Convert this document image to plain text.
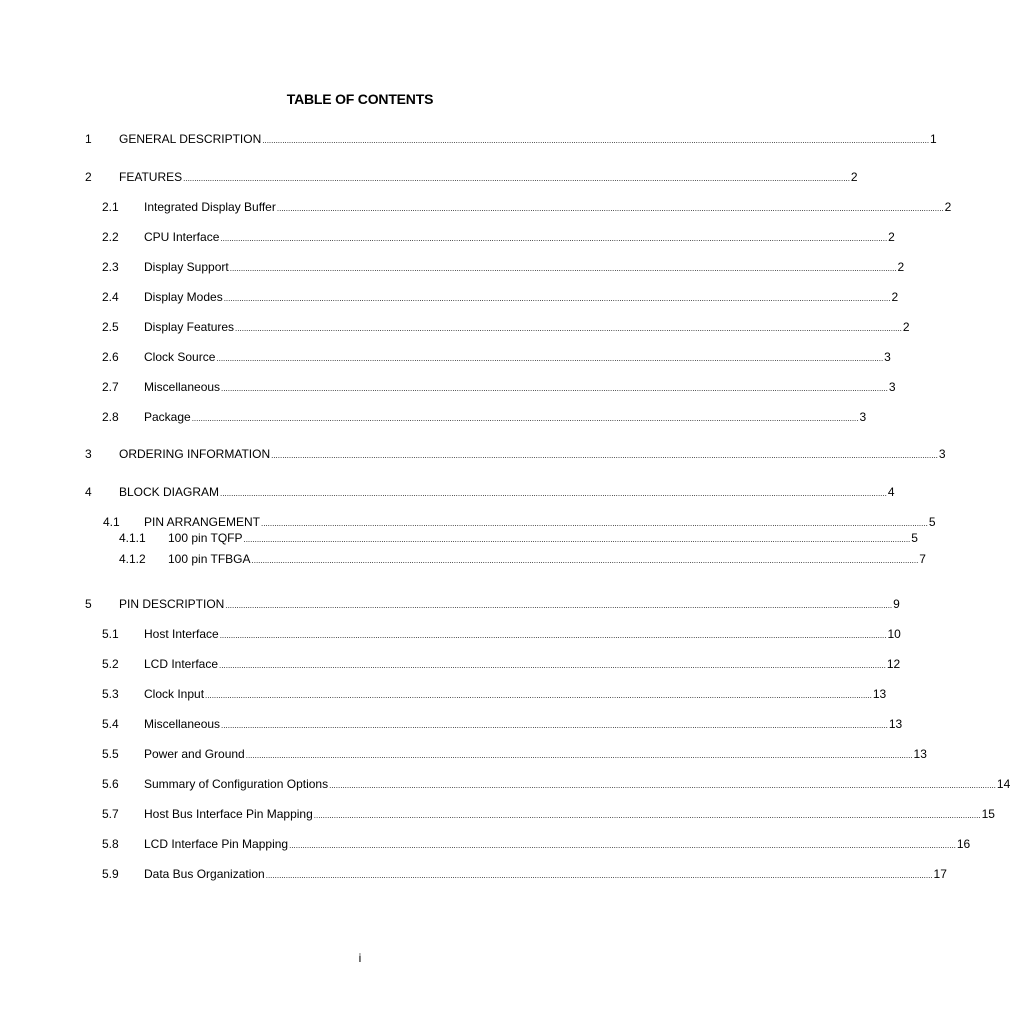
TABLE OF CONTENTS
1 GENERAL DESCRIPTION ............................................................................................................................................................................................................................................................................................................ 1
2 FEATURES ............................................................................................................................................................................................................................................................................................................ 2
2.1 Integrated Display Buffer ............................................................................................................................................................................................................................................................................................................ 2
2.2 CPU Interface ............................................................................................................................................................................................................................................................................................................ 2
2.3 Display Support ............................................................................................................................................................................................................................................................................................................ 2
2.4 Display Modes ............................................................................................................................................................................................................................................................................................................ 2
2.5 Display Features ............................................................................................................................................................................................................................................................................................................ 2
2.6 Clock Source ............................................................................................................................................................................................................................................................................................................ 3
2.7 Miscellaneous ............................................................................................................................................................................................................................................................................................................ 3
2.8 Package ............................................................................................................................................................................................................................................................................................................ 3
3 ORDERING INFORMATION ............................................................................................................................................................................................................................................................................................................ 3
4 BLOCK DIAGRAM ............................................................................................................................................................................................................................................................................................................ 4
4.1 PIN ARRANGEMENT ............................................................................................................................................................................................................................................................................................................ 5
4.1.1 100 pin TQFP ............................................................................................................................................................................................................................................................................................................ 5
4.1.2 100 pin TFBGA ............................................................................................................................................................................................................................................................................................................ 7
5 PIN DESCRIPTION ............................................................................................................................................................................................................................................................................................................ 9
5.1 Host Interface ............................................................................................................................................................................................................................................................................................................ 10
5.2 LCD Interface ............................................................................................................................................................................................................................................................................................................ 12
5.3 Clock Input ............................................................................................................................................................................................................................................................................................................ 13
5.4 Miscellaneous ............................................................................................................................................................................................................................................................................................................ 13
5.5 Power and Ground ............................................................................................................................................................................................................................................................................................................ 13
5.6 Summary of Configuration Options ............................................................................................................................................................................................................................................................................................................ 14
5.7 Host Bus Interface Pin Mapping ............................................................................................................................................................................................................................................................................................................ 15
5.8 LCD Interface Pin Mapping ............................................................................................................................................................................................................................................................................................................ 16
5.9 Data Bus Organization ............................................................................................................................................................................................................................................................................................................ 17
i
